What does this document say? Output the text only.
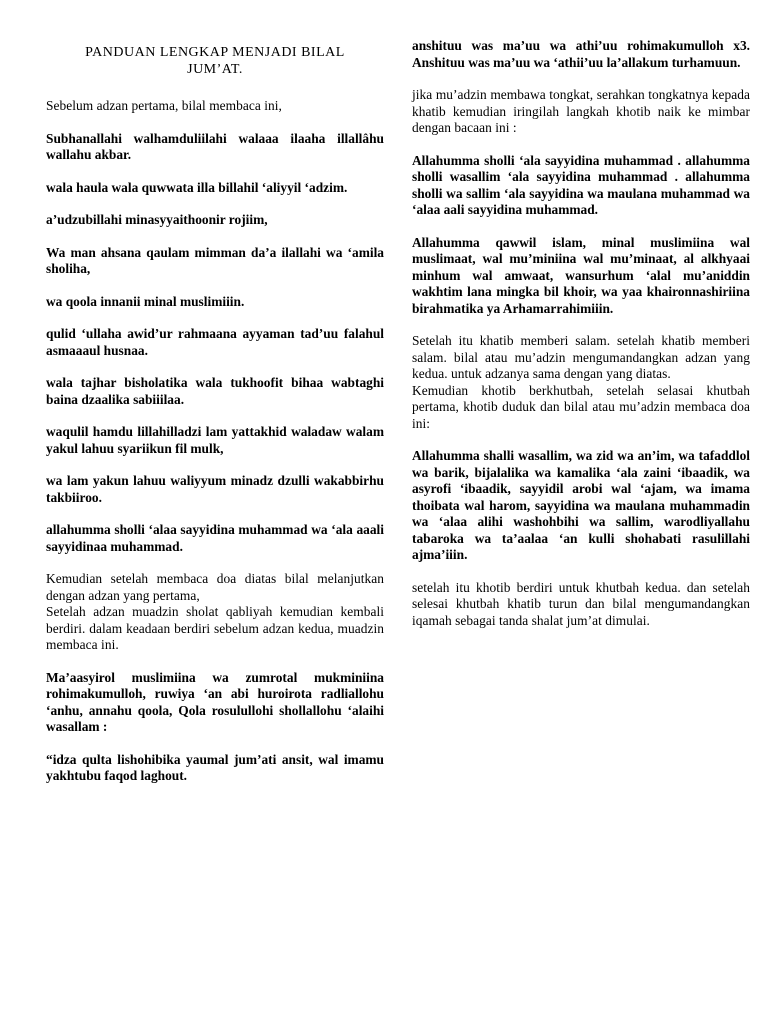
PANDUAN LENGKAP MENJADI BILAL
JUM’AT.

Sebelum adzan pertama, bilal membaca ini,

Subhanallahi walhamduliilahi walaaa ilaaha illallâhu wallahu akbar.

wala haula wala quwwata illa billahil ‘aliyyil ‘adzim.

a’udzubillahi minasyyaithoonir rojiim,

Wa man ahsana qaulam mimman da’a ilallahi wa ‘amila sholiha,

wa qoola innanii minal muslimiiin.

qulid ‘ullaha awid’ur rahmaana ayyaman tad’uu falahul asmaaaul husnaa.

wala tajhar bisholatika wala tukhoofit bihaa wabtaghi baina dzaalika sabiiilaa.

waqulil hamdu lillahilladzi lam yattakhid waladaw walam yakul lahuu syariikun fil mulk,

wa lam yakun lahuu waliyyum minadz dzulli wakabbirhu takbiiroo.

allahumma sholli ‘alaa sayyidina muhammad wa ‘ala aaali sayyidinaa muhammad.

Kemudian setelah membaca doa diatas bilal melanjutkan dengan adzan yang pertama,

Setelah adzan muadzin sholat qabliyah kemudian kembali berdiri. dalam keadaan berdiri sebelum adzan kedua, muadzin membaca ini.

Ma’aasyirol muslimiina wa zumrotal mukminiina rohimakumulloh, ruwiya ‘an abi huroirota radliallohu ‘anhu, annahu qoola, Qola rosulullohi shollallohu ‘alaihi wasallam :

“idza qulta lishohibika yaumal jum’ati ansit, wal imamu yakhtubu faqod laghout.

anshituu was ma’uu wa athi’uu rohimakumulloh x3. Anshituu was ma’uu wa ‘athii’uu la’allakum turhamuun.

jika mu’adzin membawa tongkat, serahkan tongkatnya kepada khatib kemudian iringilah langkah khotib naik ke mimbar dengan bacaan ini :

Allahumma sholli ‘ala sayyidina muhammad . allahumma sholli wasallim ‘ala sayyidina muhammad . allahumma sholli wa sallim ‘ala sayyidina wa maulana muhammad wa ‘alaa aali sayyidina muhammad.

Allahumma qawwil islam, minal muslimiina wal muslimaat, wal mu’miniina wal mu’minaat, al alkhyaai minhum wal amwaat, wansurhum ‘alal mu’aniddin wakhtim lana mingka bil khoir, wa yaa khaironnashiriina birahmatika ya Arhamarrahimiiin.

Setelah itu khatib memberi salam. setelah khatib memberi salam. bilal atau mu’adzin mengumandangkan adzan yang kedua. untuk adzanya sama dengan yang diatas.

Kemudian khotib berkhutbah, setelah selasai khutbah pertama, khotib duduk dan bilal atau mu’adzin membaca doa ini:

Allahumma shalli wasallim, wa zid wa an’im, wa tafaddlol wa barik, bijalalika wa kamalika ‘ala zaini ‘ibaadik, wa asyrofi ‘ibaadik, sayyidil arobi wal ‘ajam, wa imama thoibata wal harom, sayyidina wa maulana muhammadin wa ‘alaa alihi washohbihi wa sallim, warodliyallahu tabaroka wa ta’aalaa ‘an kulli shohabati rasulillahi ajma’iiin.

setelah itu khotib berdiri untuk khutbah kedua. dan setelah selesai khutbah khatib turun dan bilal mengumandangkan iqamah sebagai tanda shalat jum’at dimulai.
